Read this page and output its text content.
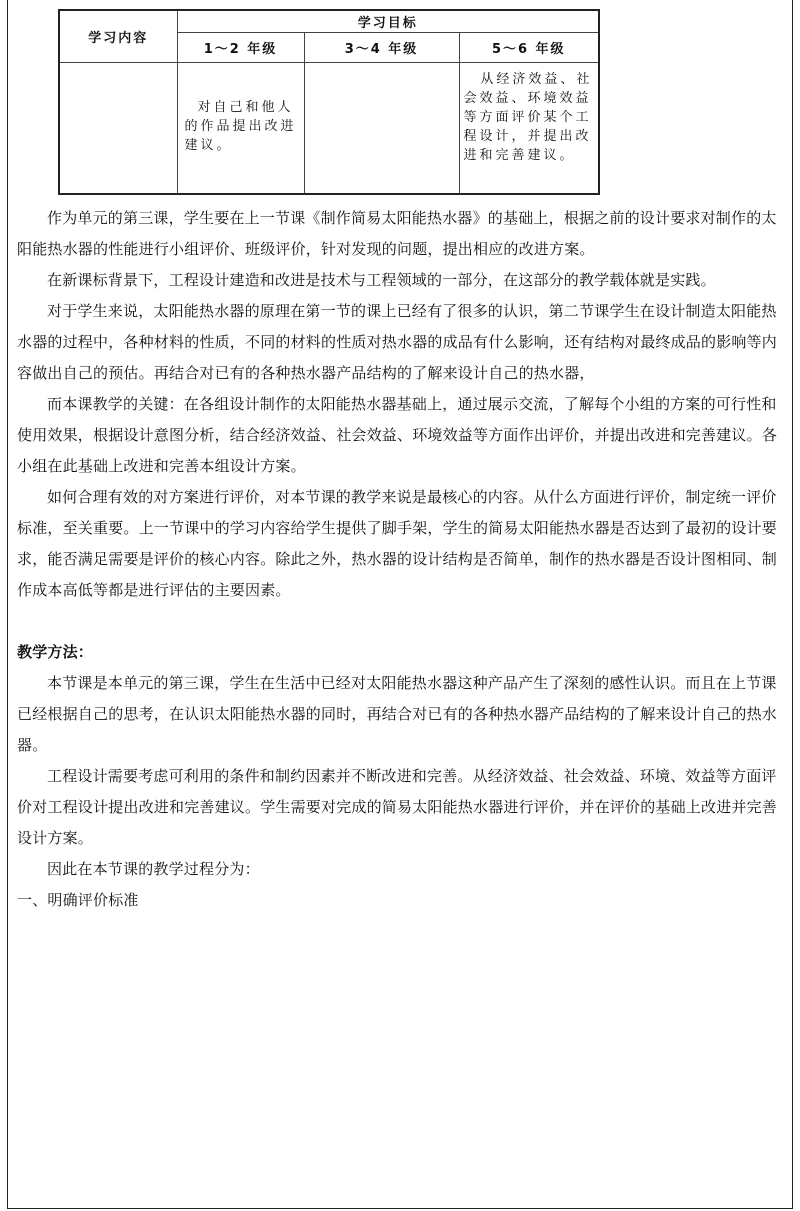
学习内容	学习目标		
	1～2 年级	3～4 年级	5～6 年级

	对自己和他人的作品提出改进建议。		从经济效益、社会效益、环境效益等方面评价某个工程设计，并提出改进和完善建议。

作为单元的第三课，学生要在上一节课《制作简易太阳能热水器》的基础上，根据之前的设计要求对制作的太阳能热水器的性能进行小组评价、班级评价，针对发现的问题，提出相应的改进方案。

在新课标背景下，工程设计建造和改进是技术与工程领域的一部分，在这部分的教学载体就是实践。

对于学生来说，太阳能热水器的原理在第一节的课上已经有了很多的认识，第二节课学生在设计制造太阳能热水器的过程中，各种材料的性质，不同的材料的性质对热水器的成品有什么影响，还有结构对最终成品的影响等内容做出自己的预估。再结合对已有的各种热水器产品结构的了解来设计自己的热水器，

而本课教学的关键：在各组设计制作的太阳能热水器基础上，通过展示交流，了解每个小组的方案的可行性和使用效果，根据设计意图分析，结合经济效益、社会效益、环境效益等方面作出评价，并提出改进和完善建议。各小组在此基础上改进和完善本组设计方案。

如何合理有效的对方案进行评价，对本节课的教学来说是最核心的内容。从什么方面进行评价，制定统一评价标准，至关重要。上一节课中的学习内容给学生提供了脚手架，学生的简易太阳能热水器是否达到了最初的设计要求，能否满足需要是评价的核心内容。除此之外，热水器的设计结构是否简单，制作的热水器是否设计图相同、制作成本高低等都是进行评估的主要因素。

教学方法：

本节课是本单元的第三课，学生在生活中已经对太阳能热水器这种产品产生了深刻的感性认识。而且在上节课已经根据自己的思考，在认识太阳能热水器的同时，再结合对已有的各种热水器产品结构的了解来设计自己的热水器。

工程设计需要考虑可利用的条件和制约因素并不断改进和完善。从经济效益、社会效益、环境、效益等方面评价对工程设计提出改进和完善建议。学生需要对完成的简易太阳能热水器进行评价，并在评价的基础上改进并完善设计方案。

因此在本节课的教学过程分为：

一、明确评价标准
